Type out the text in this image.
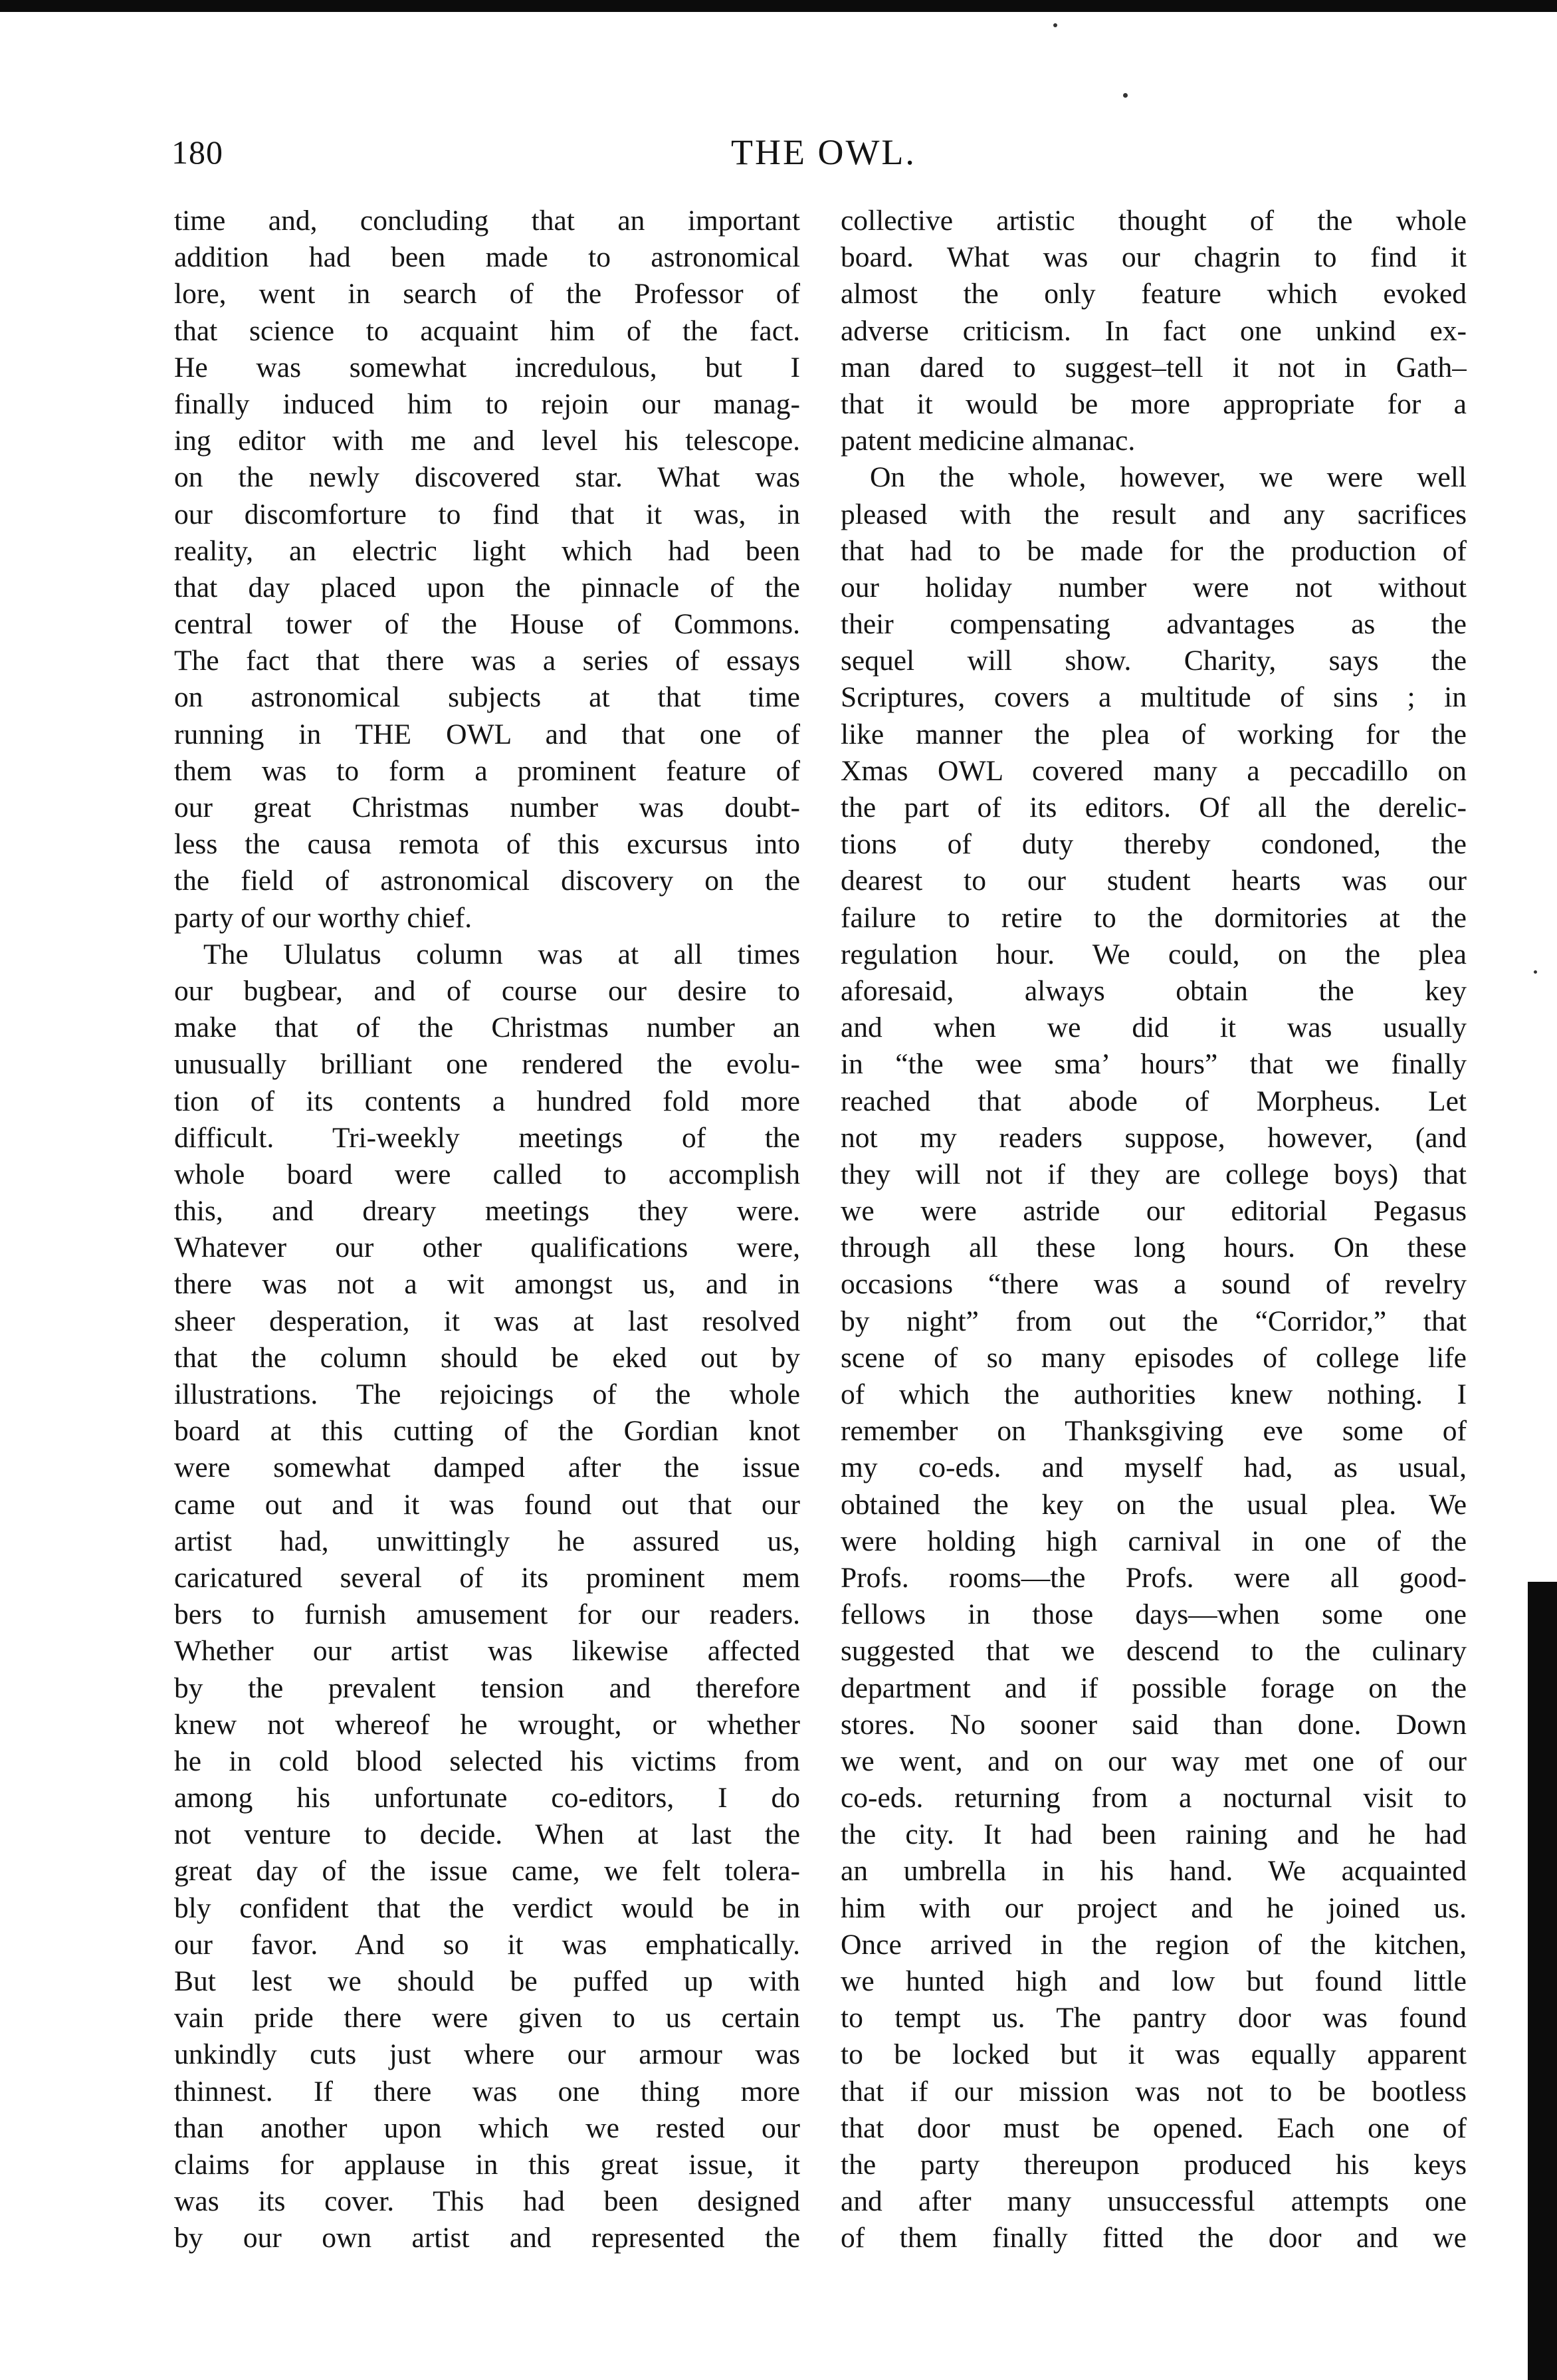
180	THE OWL.
time and, concluding that an important
addition had been made to astronomical
lore, went in search of the Professor of
that science to acquaint him of the fact.
He was somewhat incredulous, but I
finally induced him to rejoin our manag-
ing editor with me and level his telescope.
on the newly discovered star. What was
our discomforture to find that it was, in
reality, an electric light which had been
that day placed upon the pinnacle of the
central tower of the House of Commons.
The fact that there was a series of essays
on astronomical subjects at that time
running in THE OWL and that one of
them was to form a prominent feature of
our great Christmas number was doubt-
less the causa remota of this excursus into
the field of astronomical discovery on the
party of our worthy chief.
The Ululatus column was at all times
our bugbear, and of course our desire to
make that of the Christmas number an
unusually brilliant one rendered the evolu-
tion of its contents a hundred fold more
difficult. Tri-weekly meetings of the
whole board were called to accomplish
this, and dreary meetings they were.
Whatever our other qualifications were,
there was not a wit amongst us, and in
sheer desperation, it was at last resolved
that the column should be eked out by
illustrations. The rejoicings of the whole
board at this cutting of the Gordian knot
were somewhat damped after the issue
came out and it was found out that our
artist had, unwittingly he assured us,
caricatured several of its prominent mem
bers to furnish amusement for our readers.
Whether our artist was likewise affected
by the prevalent tension and therefore
knew not whereof he wrought, or whether
he in cold blood selected his victims from
among his unfortunate co-editors, I do
not venture to decide. When at last the
great day of the issue came, we felt tolera-
bly confident that the verdict would be in
our favor. And so it was emphatically.
But lest we should be puffed up with
vain pride there were given to us certain
unkindly cuts just where our armour was
thinnest. If there was one thing more
than another upon which we rested our
claims for applause in this great issue, it
was its cover. This had been designed
by our own artist and represented the
collective artistic thought of the whole
board. What was our chagrin to find it
almost the only feature which evoked
adverse criticism. In fact one unkind ex-
man dared to suggest–tell it not in Gath–
that it would be more appropriate for a
patent medicine almanac.
On the whole, however, we were well
pleased with the result and any sacrifices
that had to be made for the production of
our holiday number were not without
their compensating advantages as the
sequel will show. Charity, says the
Scriptures, covers a multitude of sins ; in
like manner the plea of working for the
Xmas OWL covered many a peccadillo on
the part of its editors. Of all the derelic-
tions of duty thereby condoned, the
dearest to our student hearts was our
failure to retire to the dormitories at the
regulation hour. We could, on the plea
aforesaid, always obtain the key
and when we did it was usually
in “the wee sma’ hours” that we finally
reached that abode of Morpheus. Let
not my readers suppose, however, (and
they will not if they are college boys) that
we were astride our editorial Pegasus
through all these long hours. On these
occasions “there was a sound of revelry
by night” from out the “Corridor,” that
scene of so many episodes of college life
of which the authorities knew nothing. I
remember on Thanksgiving eve some of
my co-eds. and myself had, as usual,
obtained the key on the usual plea. We
were holding high carnival in one of the
Profs. rooms—the Profs. were all good-
fellows in those days—when some one
suggested that we descend to the culinary
department and if possible forage on the
stores. No sooner said than done. Down
we went, and on our way met one of our
co-eds. returning from a nocturnal visit to
the city. It had been raining and he had
an umbrella in his hand. We acquainted
him with our project and he joined us.
Once arrived in the region of the kitchen,
we hunted high and low but found little
to tempt us. The pantry door was found
to be locked but it was equally apparent
that if our mission was not to be bootless
that door must be opened. Each one of
the party thereupon produced his keys
and after many unsuccessful attempts one
of them finally fitted the door and we
